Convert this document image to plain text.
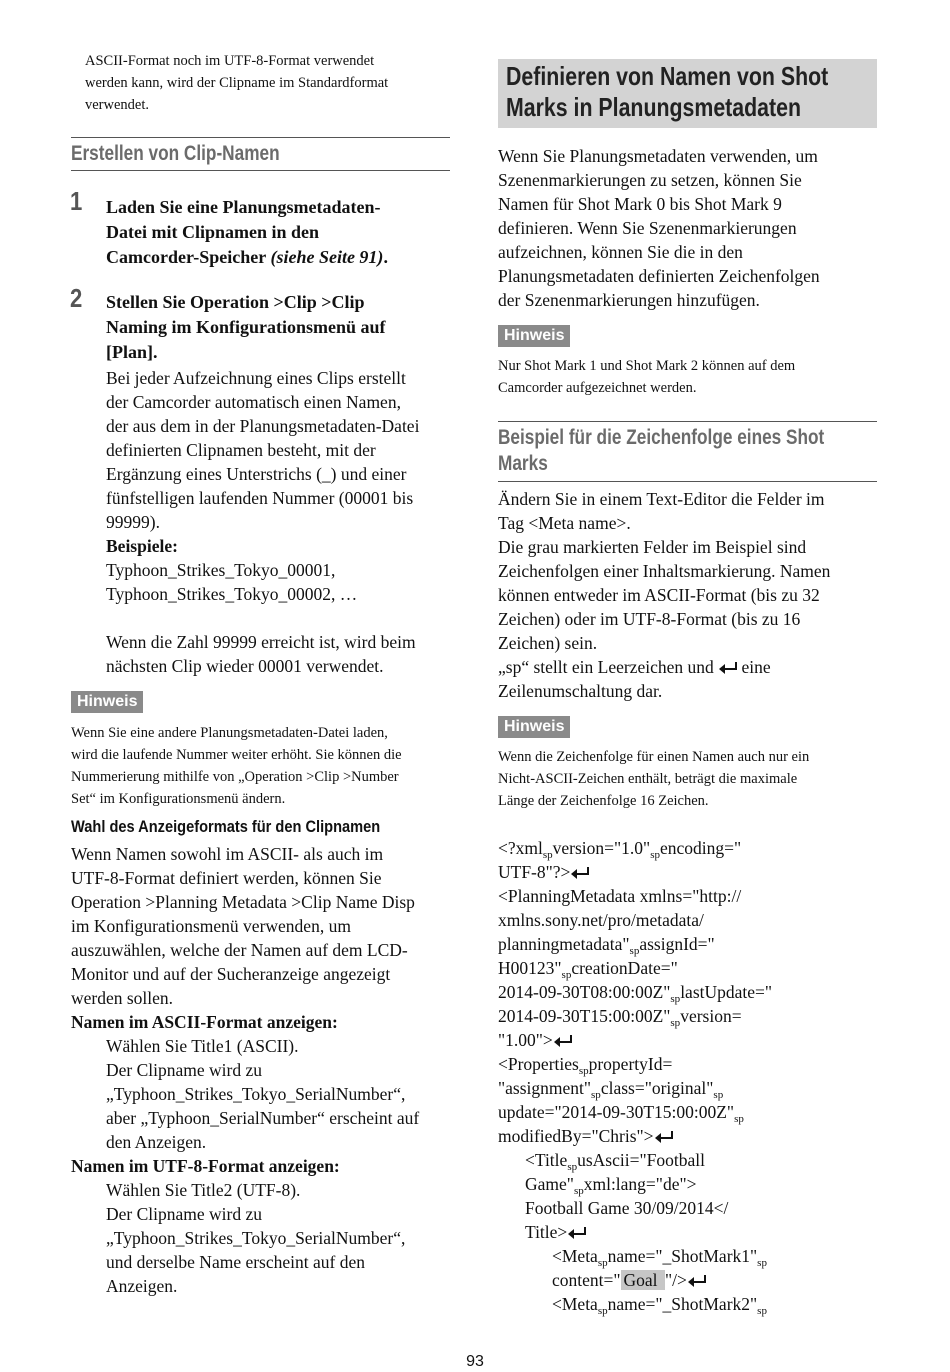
ASCII-Format noch im UTF-8-Format verwendet

werden kann, wird der Clipname im Standardformat

verwendet.

Erstellen von Clip-Namen
1 Laden Sie eine Planungsmetadaten-
Datei mit Clipnamen in den
Camcorder-Speicher (siehe Seite 91).
2 Stellen Sie Operation >Clip >Clip
Naming im Konfigurationsmenü auf
[Plan].

Bei jeder Aufzeichnung eines Clips erstellt

der Camcorder automatisch einen Namen,

der aus dem in der Planungsmetadaten-Datei

definierten Clipnamen besteht, mit der

Ergänzung eines Unterstrichs (_) und einer

fünfstelligen laufenden Nummer (00001 bis

99999).

Beispiele:

Typhoon_Strikes_Tokyo_00001,

Typhoon_Strikes_Tokyo_00002, …

Wenn die Zahl 99999 erreicht ist, wird beim

nächsten Clip wieder 00001 verwendet.

Hinweis

Wenn Sie eine andere Planungsmetadaten-Datei laden,

wird die laufende Nummer weiter erhöht. Sie können die

Nummerierung mithilfe von „Operation >Clip >Number

Set“ im Konfigurationsmenü ändern.

Wahl des Anzeigeformats für den Clipnamen

Wenn Namen sowohl im ASCII- als auch im

UTF-8-Format definiert werden, können Sie

Operation >Planning Metadata >Clip Name Disp

im Konfigurationsmenü verwenden, um

auszuwählen, welche der Namen auf dem LCD-

Monitor und auf der Sucheranzeige angezeigt

werden sollen.

Namen im ASCII-Format anzeigen:

Wählen Sie Title1 (ASCII).

Der Clipname wird zu

„Typhoon_Strikes_Tokyo_SerialNumber“,

aber „Typhoon_SerialNumber“ erscheint auf

den Anzeigen.

Namen im UTF-8-Format anzeigen:

Wählen Sie Title2 (UTF-8).

Der Clipname wird zu

„Typhoon_Strikes_Tokyo_SerialNumber“,

und derselbe Name erscheint auf den

Anzeigen.

Definieren von Namen von Shot
Marks in Planungsmetadaten

Wenn Sie Planungsmetadaten verwenden, um

Szenenmarkierungen zu setzen, können Sie

Namen für Shot Mark 0 bis Shot Mark 9

definieren. Wenn Sie Szenenmarkierungen

aufzeichnen, können Sie die in den

Planungsmetadaten definierten Zeichenfolgen

der Szenenmarkierungen hinzufügen.

Hinweis

Nur Shot Mark 1 und Shot Mark 2 können auf dem

Camcorder aufgezeichnet werden.

Beispiel für die Zeichenfolge eines Shot
Marks

Ändern Sie in einem Text-Editor die Felder im

Tag <Meta name>.

Die grau markierten Felder im Beispiel sind

Zeichenfolgen einer Inhaltsmarkierung. Namen

können entweder im ASCII-Format (bis zu 32

Zeichen) oder im UTF-8-Format (bis zu 16

Zeichen) sein.

„sp“ stellt ein Leerzeichen und
eine

Zeilenumschaltung dar.

Hinweis

Wenn die Zeichenfolge für einen Namen auch nur ein

Nicht-ASCII-Zeichen enthält, beträgt die maximale

Länge der Zeichenfolge 16 Zeichen.

$<?xml_{sp}version="1.0"_{sp}encoding=$"
UTF-8"?>
<PlanningMetadata xmlns="http://
xmlns.sony.net/pro/metadata/
$planningmetadata"_{sp}assignId=$"
$H00123"_{sp}creationDate=$"
$2014-09-30T08:00:00Z"_{sp}lastUpdate=$"
$2014-09-30T15:00:00Z"_{sp}version=$
"1.00">
<Properties$_{sp}$propertyId=
"$assignment"_{sp}class="original"_{sp}$
$update="2014-09-30T15:00:00Z"_{sp}$
modifiedBy="Chris">
<Title$_{sp}$usAscii="Football
$Game"_{sp}xml:lang="de">$
Football Game 30/09/2014</
Title>
$<Meta_{sp}name="\_ShotMark1"_{sp}$
content=" Goal "/>
$<Meta_{sp}name="\_ShotMark2"_{sp}$
93
